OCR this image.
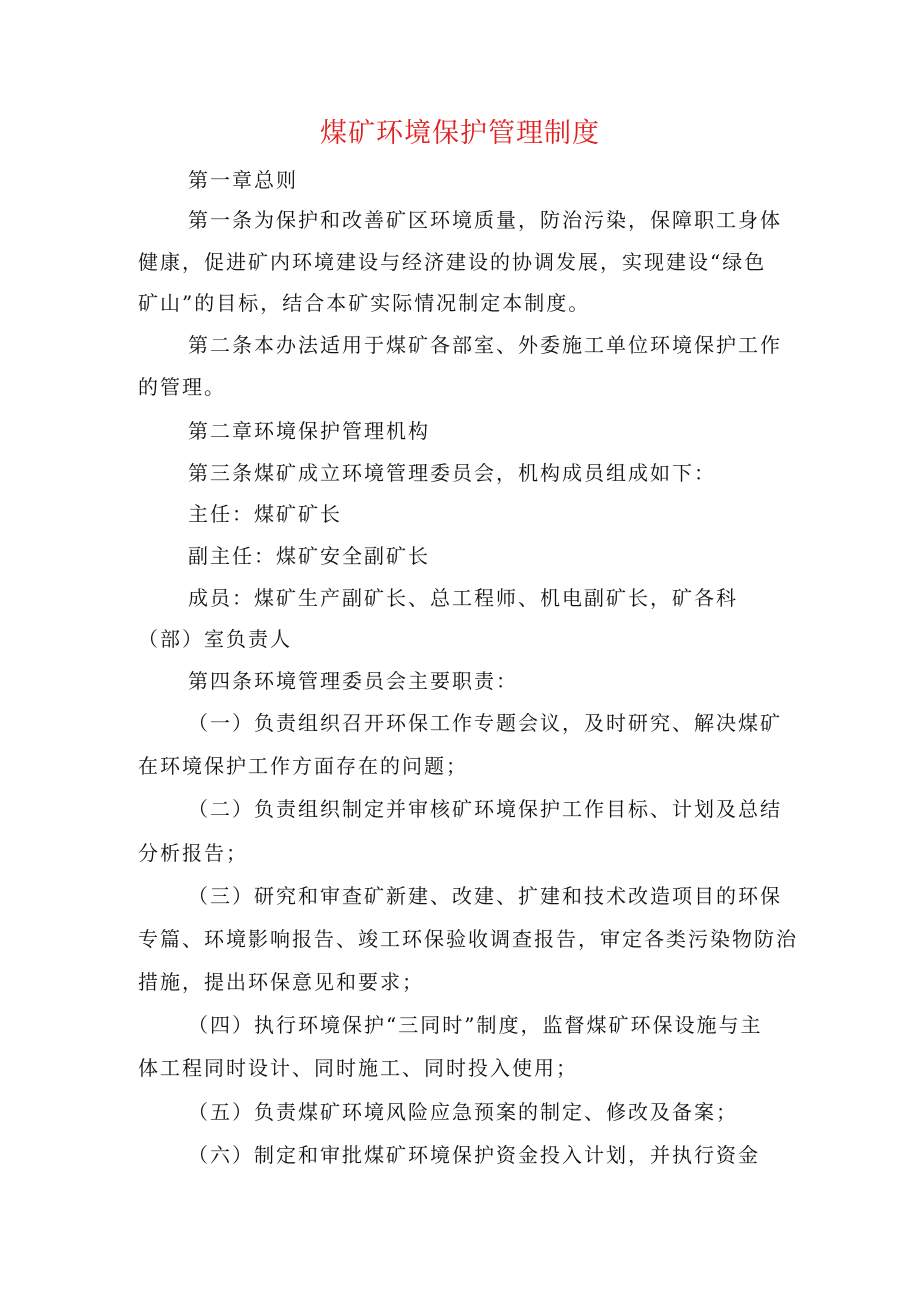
煤矿环境保护管理制度
第一章总则
第一条为保护和改善矿区环境质量，防治污染，保障职工身体
健康，促进矿内环境建设与经济建设的协调发展，实现建设“绿色
矿山”的目标，结合本矿实际情况制定本制度。
第二条本办法适用于煤矿各部室、外委施工单位环境保护工作
的管理。
第二章环境保护管理机构
第三条煤矿成立环境管理委员会，机构成员组成如下：
主任：煤矿矿长
副主任：煤矿安全副矿长
成员：煤矿生产副矿长、总工程师、机电副矿长，矿各科
（部）室负责人
第四条环境管理委员会主要职责：
（一）负责组织召开环保工作专题会议，及时研究、解决煤矿
在环境保护工作方面存在的问题；
（二）负责组织制定并审核矿环境保护工作目标、计划及总结
分析报告；
（三）研究和审查矿新建、改建、扩建和技术改造项目的环保
专篇、环境影响报告、竣工环保验收调查报告，审定各类污染物防治
措施，提出环保意见和要求；
（四）执行环境保护“三同时”制度，监督煤矿环保设施与主
体工程同时设计、同时施工、同时投入使用；
（五）负责煤矿环境风险应急预案的制定、修改及备案；
（六）制定和审批煤矿环境保护资金投入计划，并执行资金
